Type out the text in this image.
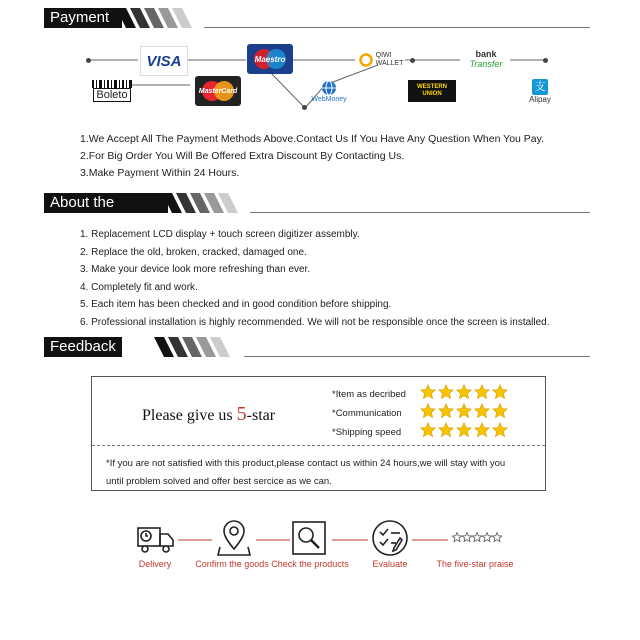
Payment
VISA	Maestro
MasterCard
Boleto
QIWI
WALLET
bank
Transfer
WebMoney
WESTERN
UNION
支
Alipay
1.We Accept All The Payment Methods Above.Contact Us If You Have Any Question When You Pay.
2.For Big Order You Will Be Offered Extra Discount By Contacting Us.
3.Make Payment Within 24 Hours.
About the product
1. Replacement LCD display + touch screen digitizer assembly.
2. Replace the old, broken, cracked, damaged one.
3. Make your device look more refreshing than ever.
4. Completely fit and work.
5. Each item has been checked and in good condition before shipping.
6. Professional installation is highly recommended. We will not be responsible once the screen is installed.
Feedback
Please give us 5-star
*Item as decribed
*Communication
*Shipping speed
*If you are not satisfied with this product,please contact us within 24 hours,we will stay with you
until problem solved and offer best sercice as we can.
Delivery	Confirm the goods Check the products	Evaluate	The five-star praise
